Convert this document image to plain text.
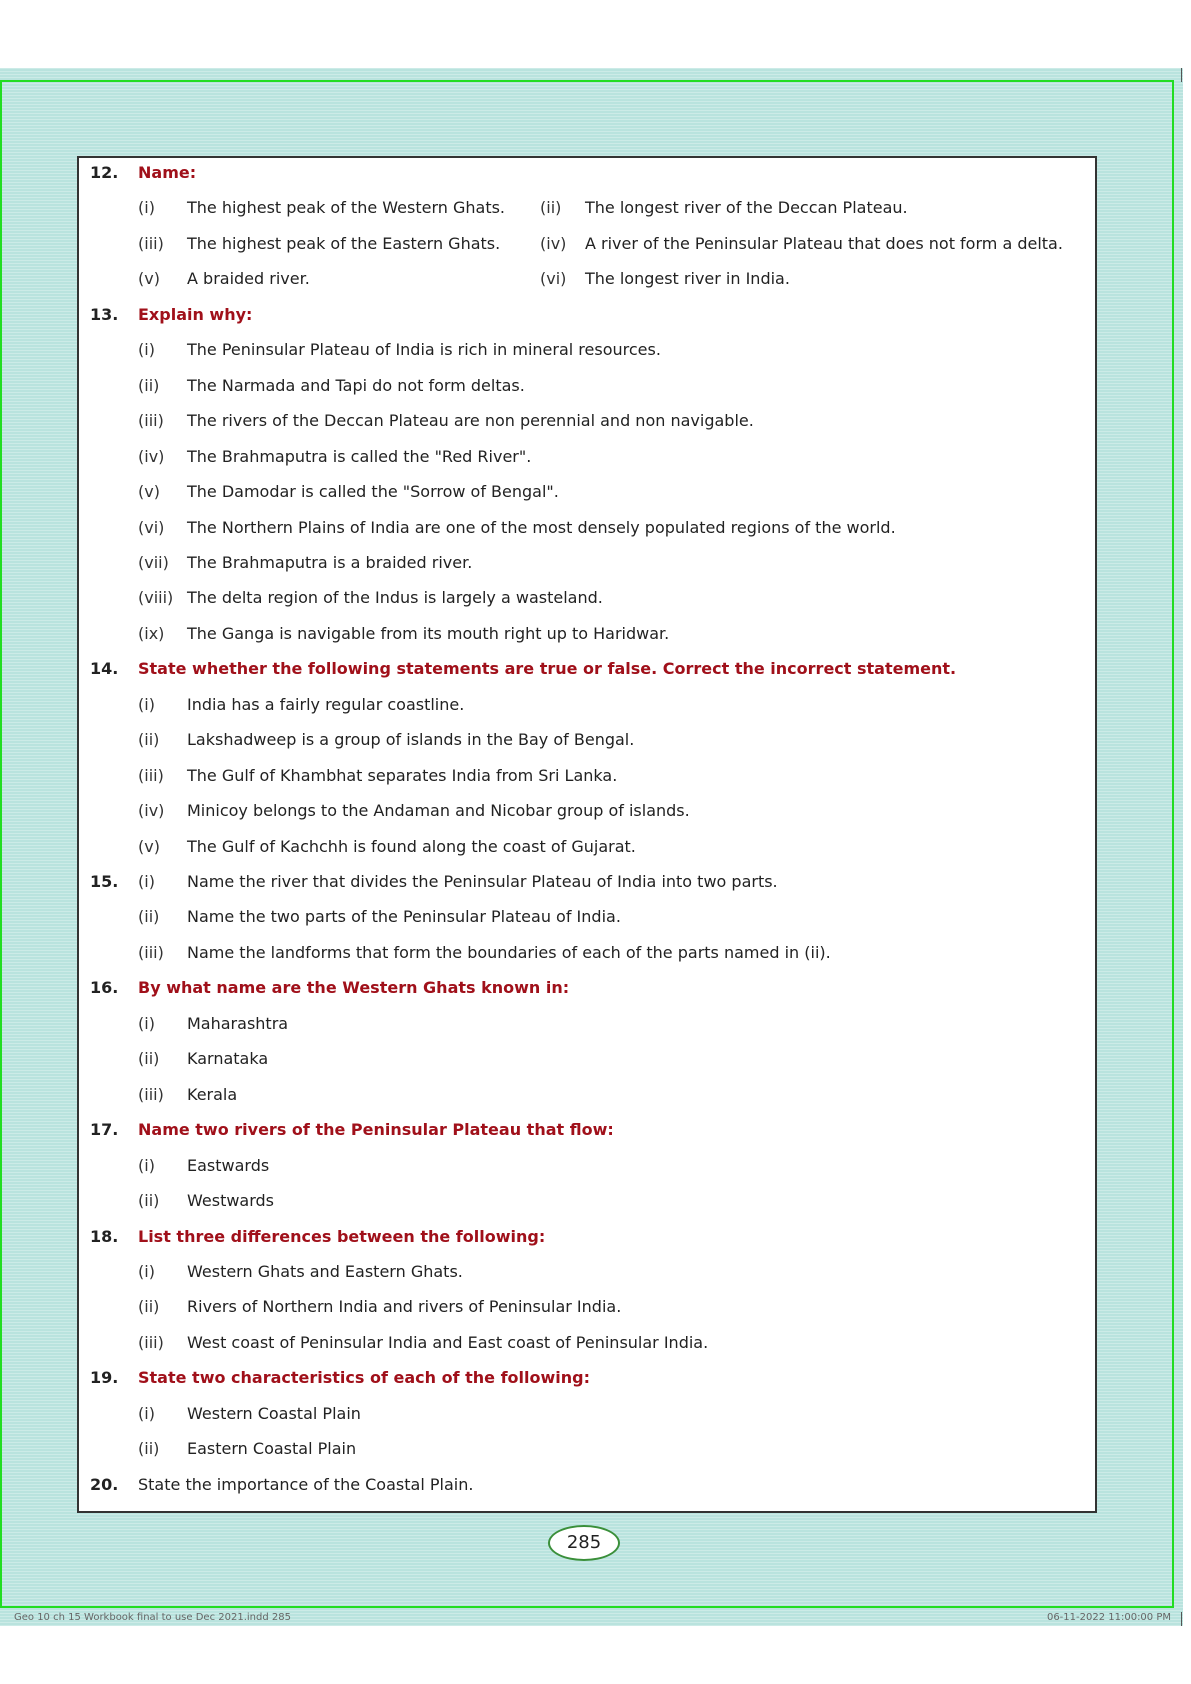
12. Name:
(i) The highest peak of the Western Ghats. (ii) The longest river of the Deccan Plateau.
(iii) The highest peak of the Eastern Ghats. (iv) A river of the Peninsular Plateau that does not form a delta.
(v) A braided river.	(vi) The longest river in India.
13. Explain why:
(i) The Peninsular Plateau of India is rich in mineral resources.
(ii) The Narmada and Tapi do not form deltas.
(iii) The rivers of the Deccan Plateau are non perennial and non navigable.
(iv) The Brahmaputra is called the "Red River".
(v) The Damodar is called the "Sorrow of Bengal".
(vi) The Northern Plains of India are one of the most densely populated regions of the world.
(vii) The Brahmaputra is a braided river.
(viii) The delta region of the Indus is largely a wasteland.
(ix) The Ganga is navigable from its mouth right up to Haridwar.
14. State whether the following statements are true or false. Correct the incorrect statement.
(i) India has a fairly regular coastline.
(ii) Lakshadweep is a group of islands in the Bay of Bengal.
(iii) The Gulf of Khambhat separates India from Sri Lanka.
(iv) Minicoy belongs to the Andaman and Nicobar group of islands.
(v) The Gulf of Kachchh is found along the coast of Gujarat.
15. (i) Name the river that divides the Peninsular Plateau of India into two parts.
(ii) Name the two parts of the Peninsular Plateau of India.
(iii) Name the landforms that form the boundaries of each of the parts named in (ii).
16. By what name are the Western Ghats known in:
(i) Maharashtra
(ii) Karnataka
(iii) Kerala
17. Name two rivers of the Peninsular Plateau that flow:
(i) Eastwards
(ii) Westwards
18. List three differences between the following:
(i) Western Ghats and Eastern Ghats.
(ii) Rivers of Northern India and rivers of Peninsular India.
(iii) West coast of Peninsular India and East coast of Peninsular India.
19. State two characteristics of each of the following:
(i) Western Coastal Plain
(ii) Eastern Coastal Plain
20. State the importance of the Coastal Plain.
285
Geo 10 ch 15 Workbook final to use Dec 2021.indd 285	06-11-2022 11:00:00 PM
